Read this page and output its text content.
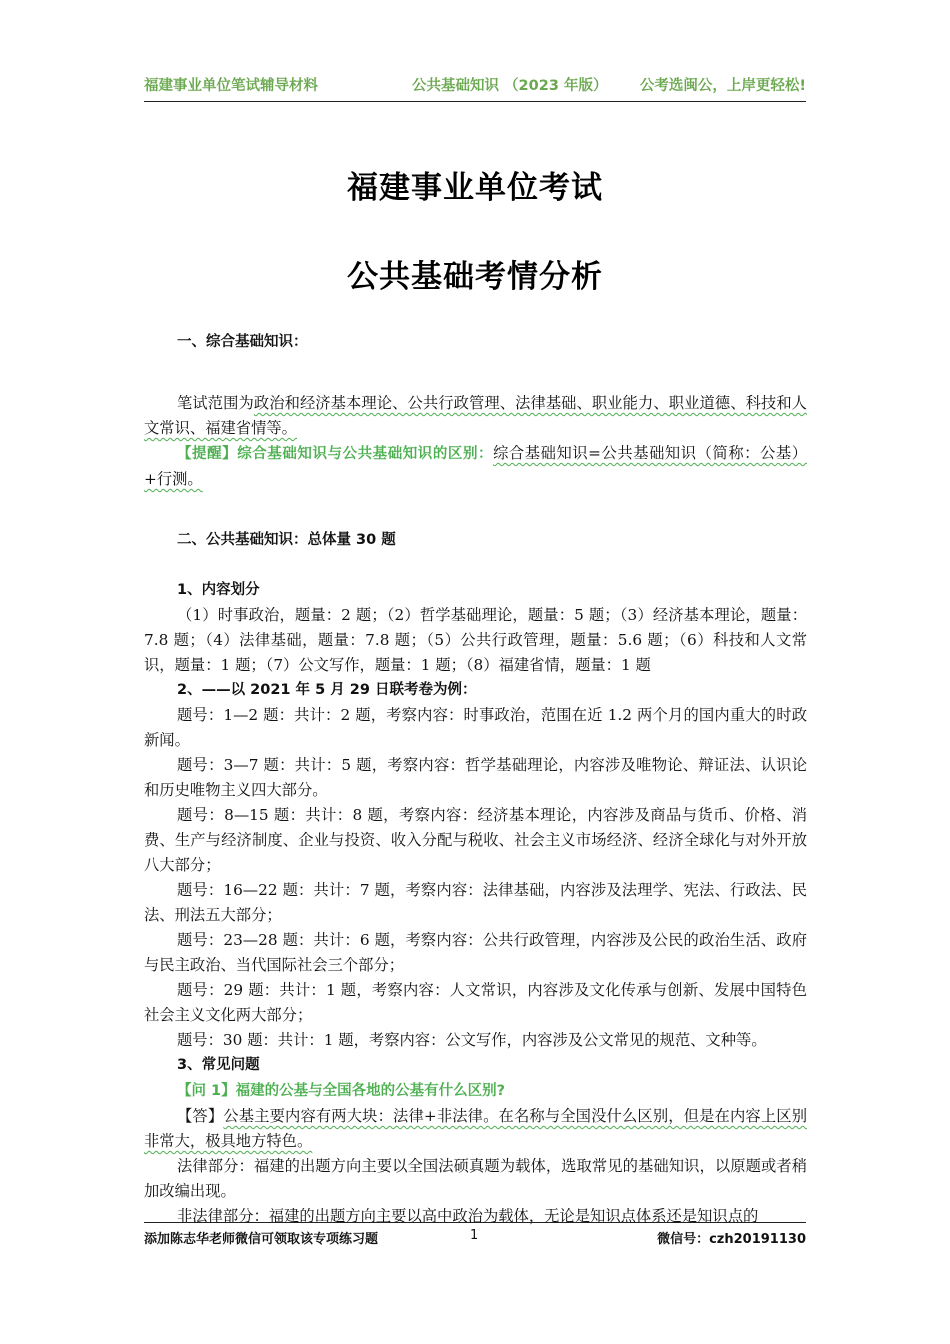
福建事业单位笔试辅导材料	公共基础知识 （2023 年版） 公考选闽公，上岸更轻松!
福建事业单位考试
公共基础考情分析
一、综合基础知识：
笔试范围为政治和经济基本理论、公共行政管理、法律基础、职业能力、职业道德、科技和人文常识、福建省情等。
【提醒】综合基础知识与公共基础知识的区别：综合基础知识=公共基础知识（简称：公基）+行测。
二、公共基础知识：总体量 30 题
1、内容划分
（1）时事政治，题量：2 题；（2）哲学基础理论，题量：5 题；（3）经济基本理论，题量：7.8 题；（4）法律基础，题量：7.8 题；（5）公共行政管理，题量：5.6 题；（6）科技和人文常识，题量：1 题；（7）公文写作，题量：1 题；（8）福建省情，题量：1 题
2、——以 2021 年 5 月 29 日联考卷为例：
题号：1—2 题：共计：2 题，考察内容：时事政治，范围在近 1.2 两个月的国内重大的时政新闻。
题号：3—7 题：共计：5 题，考察内容：哲学基础理论，内容涉及唯物论、辩证法、认识论和历史唯物主义四大部分。
题号：8—15 题：共计：8 题，考察内容：经济基本理论，内容涉及商品与货币、价格、消费、生产与经济制度、企业与投资、收入分配与税收、社会主义市场经济、经济全球化与对外开放八大部分；
题号：16—22 题：共计：7 题，考察内容：法律基础，内容涉及法理学、宪法、行政法、民法、刑法五大部分；
题号：23—28 题：共计：6 题，考察内容：公共行政管理，内容涉及公民的政治生活、政府与民主政治、当代国际社会三个部分；
题号：29 题：共计：1 题，考察内容：人文常识，内容涉及文化传承与创新、发展中国特色社会主义文化两大部分；
题号：30 题：共计：1 题，考察内容：公文写作，内容涉及公文常见的规范、文种等。
3、常见问题
【问 1】福建的公基与全国各地的公基有什么区别?
【答】公基主要内容有两大块：法律+非法律。在名称与全国没什么区别，但是在内容上区别非常大，极具地方特色。
法律部分：福建的出题方向主要以全国法硕真题为载体，选取常见的基础知识，以原题或者稍加改编出现。
非法律部分：福建的出题方向主要以高中政治为载体，无论是知识点体系还是知识点的
添加陈志华老师微信可领取该专项练习题	1	微信号：czh20191130
